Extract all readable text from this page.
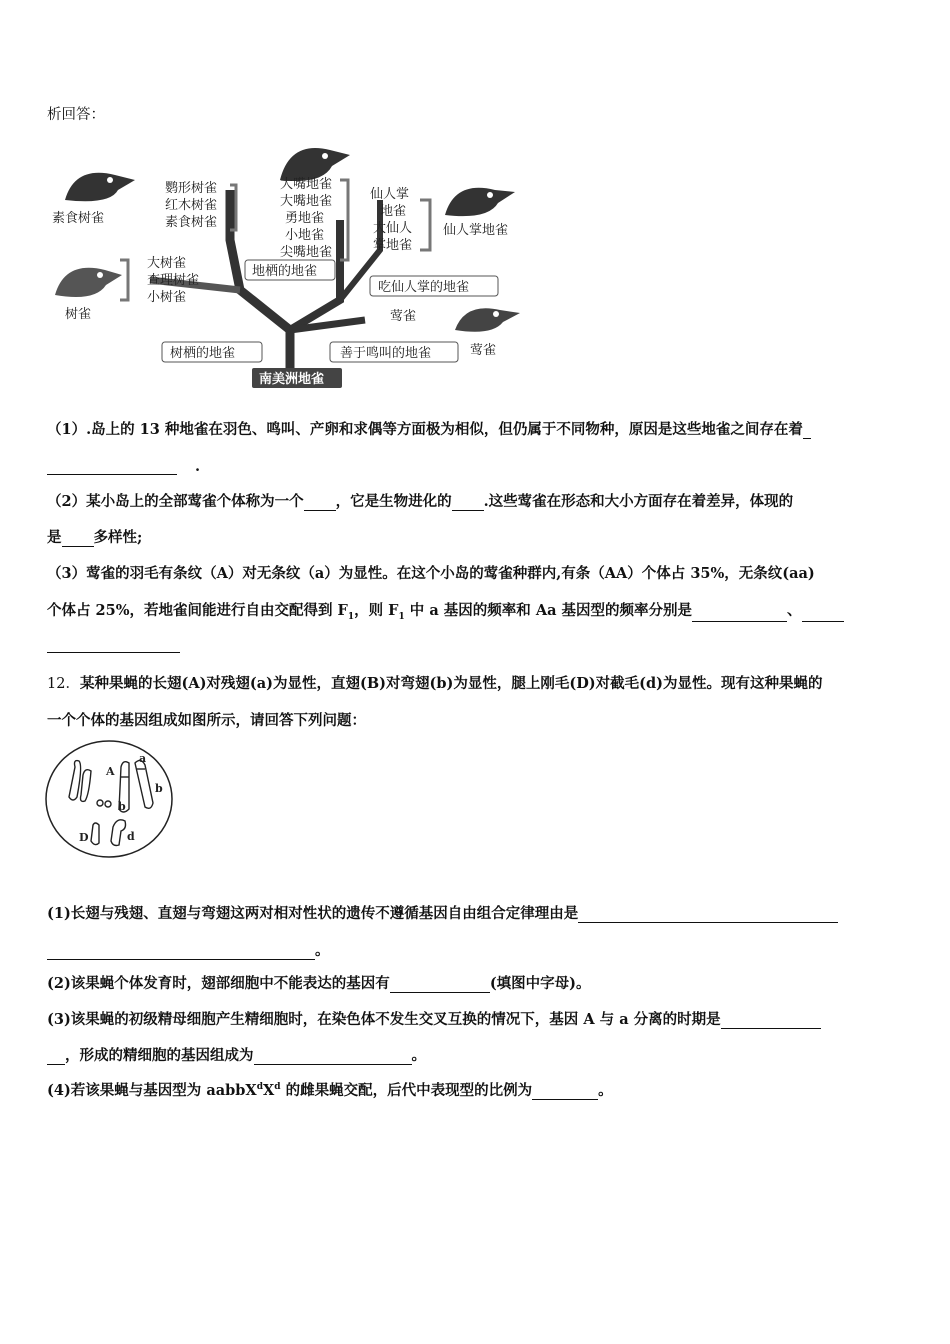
析回答：
鹦形树雀
红木树雀
素食树雀
大树雀
查理树雀
小树雀
大嘴地雀
大嘴地雀
勇地雀
小地雀
尖嘴地雀
仙人掌
地雀
大仙人
掌地雀
莺雀
素食树雀
树雀
仙人掌地雀
莺雀
地栖的地雀
吃仙人掌的地雀
树栖的地雀	善于鸣叫的地雀
南美洲地雀
（1）.岛上的 13 种地雀在羽色、鸣叫、产卵和求偶等方面极为相似，但仍属于不同物种，原因是这些地雀之间存在着
.
（2）某小岛上的全部莺雀个体称为一个 ，它是生物进化的 .这些莺雀在形态和大小方面存在着差异，体现的
是 多样性;
（3）莺雀的羽毛有条纹（A）对无条纹（a）为显性。在这个小岛的莺雀种群内,有条（AA）个体占 35%，无条纹(aa)
个体占 25%，若地雀间能进行自由交配得到 $F_1$，则 $F_1$ 中 a 基因的频率和 Aa 基因型的频率分别是	、
12．某种果蝇的长翅(A)对残翅(a)为显性，直翅(B)对弯翅(b)为显性，腿上刚毛(D)对截毛(d)为显性。现有这种果蝇的
一个个体的基因组成如图所示，请回答下列问题：
A
a
b
b
D	d
(1)长翅与残翅、直翅与弯翅这两对相对性状的遗传不遵循基因自由组合定律理由是
。
(2)该果蝇个体发育时，翅部细胞中不能表达的基因有	(填图中字母)。
(3)该果蝇的初级精母细胞产生精细胞时，在染色体不发生交叉互换的情况下，基因 A 与 a 分离的时期是
，形成的精细胞的基因组成为	。
(4)若该果蝇与基因型为 $aabbX^dX^d$ 的雌果蝇交配，后代中表现型的比例为	。
